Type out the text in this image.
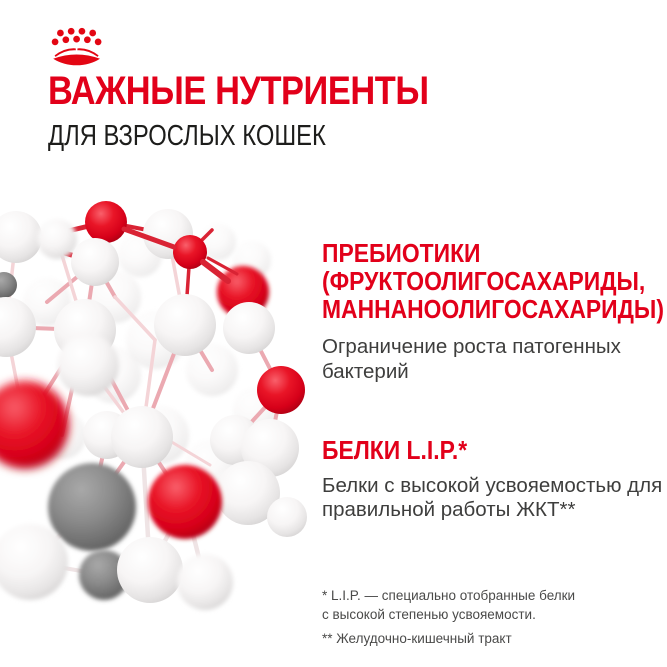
ВАЖНЫЕ НУТРИЕНТЫ
ДЛЯ ВЗРОСЛЫХ КОШЕК
ПРЕБИОТИКИ
(ФРУКТООЛИГОСАХАРИДЫ,
МАННАНООЛИГОСАХАРИДЫ)
Ограничение роста патогенных бактерий
БЕЛКИ L.I.P.*
Белки с высокой усвояемостью для правильной работы ЖКТ**
* L.I.P. — специально отобранные белки
с высокой степенью усвояемости.
** Желудочно-кишечный тракт
